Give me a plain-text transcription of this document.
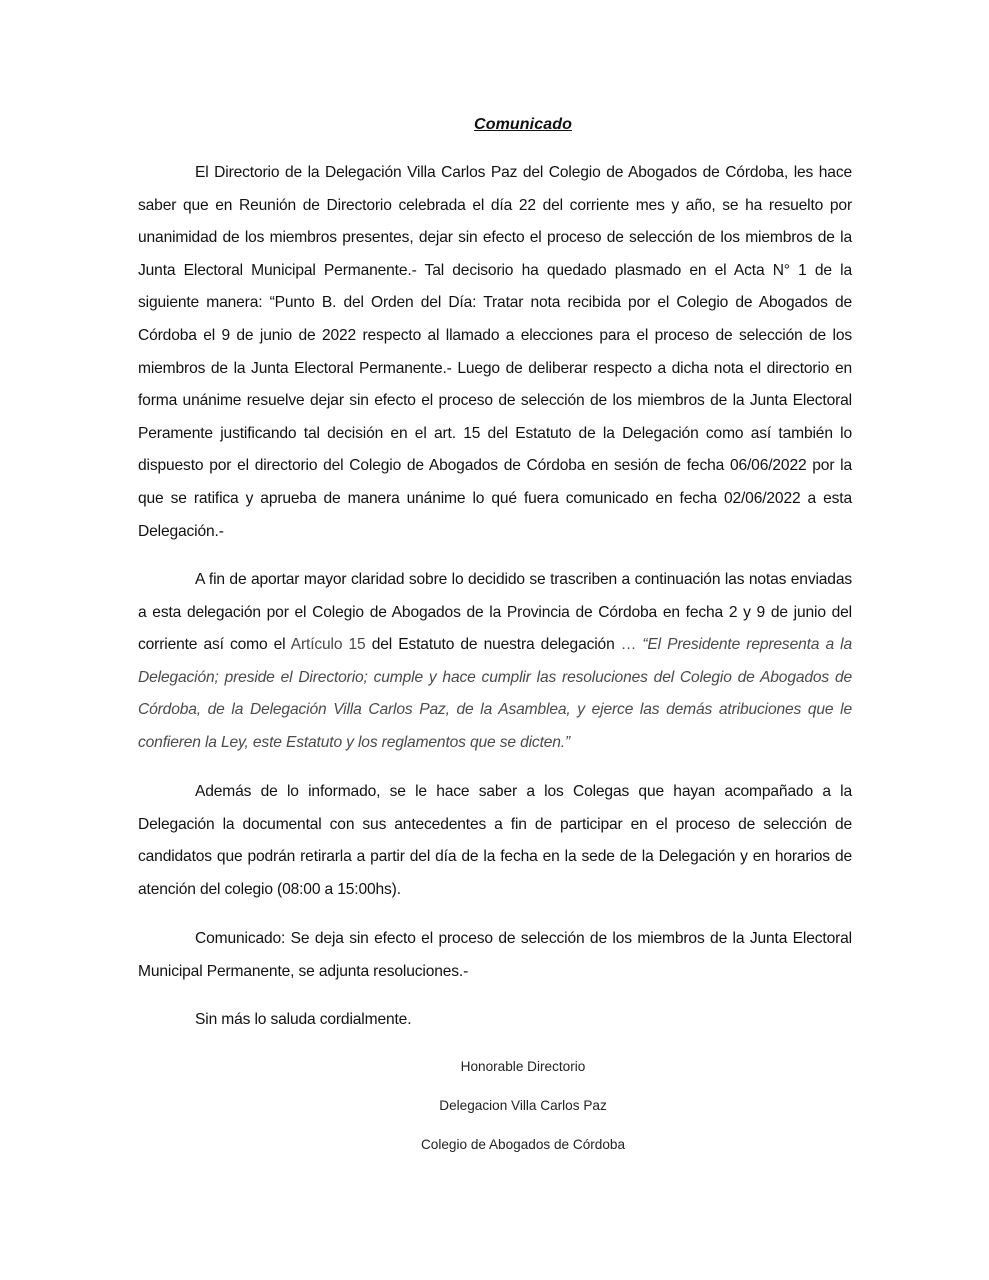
Comunicado

El Directorio de la Delegación Villa Carlos Paz del Colegio de Abogados de Córdoba, les hace saber que en Reunión de Directorio celebrada el día 22 del corriente mes y año, se ha resuelto por unanimidad de los miembros presentes, dejar sin efecto el proceso de selección de los miembros de la Junta Electoral Municipal Permanente.- Tal decisorio ha quedado plasmado en el Acta N° 1 de la siguiente manera: “Punto B. del Orden del Día: Tratar nota recibida por el Colegio de Abogados de Córdoba el 9 de junio de 2022 respecto al llamado a elecciones para el proceso de selección de los miembros de la Junta Electoral Permanente.- Luego de deliberar respecto a dicha nota el directorio en forma unánime resuelve dejar sin efecto el proceso de selección de los miembros de la Junta Electoral Peramente justificando tal decisión en el art. 15 del Estatuto de la Delegación como así también lo dispuesto por el directorio del Colegio de Abogados de Córdoba en sesión de fecha 06/06/2022 por la que se ratifica y aprueba de manera unánime lo qué fuera comunicado en fecha 02/06/2022 a esta Delegación.-

A fin de aportar mayor claridad sobre lo decidido se trascriben a continuación las notas enviadas a esta delegación por el Colegio de Abogados de la Provincia de Córdoba en fecha 2 y 9 de junio del corriente así como el Artículo 15 del Estatuto de nuestra delegación … “El Presidente representa a la Delegación; preside el Directorio; cumple y hace cumplir las resoluciones del Colegio de Abogados de Córdoba, de la Delegación Villa Carlos Paz, de la Asamblea, y ejerce las demás atribuciones que le confieren la Ley, este Estatuto y los reglamentos que se dicten.”

Además de lo informado, se le hace saber a los Colegas que hayan acompañado a la Delegación la documental con sus antecedentes a fin de participar en el proceso de selección de candidatos que podrán retirarla a partir del día de la fecha en la sede de la Delegación y en horarios de atención del colegio (08:00 a 15:00hs).

Comunicado: Se deja sin efecto el proceso de selección de los miembros de la Junta Electoral Municipal Permanente, se adjunta resoluciones.-

Sin más lo saluda cordialmente.

Honorable Directorio
Delegacion Villa Carlos Paz
Colegio de Abogados de Córdoba
